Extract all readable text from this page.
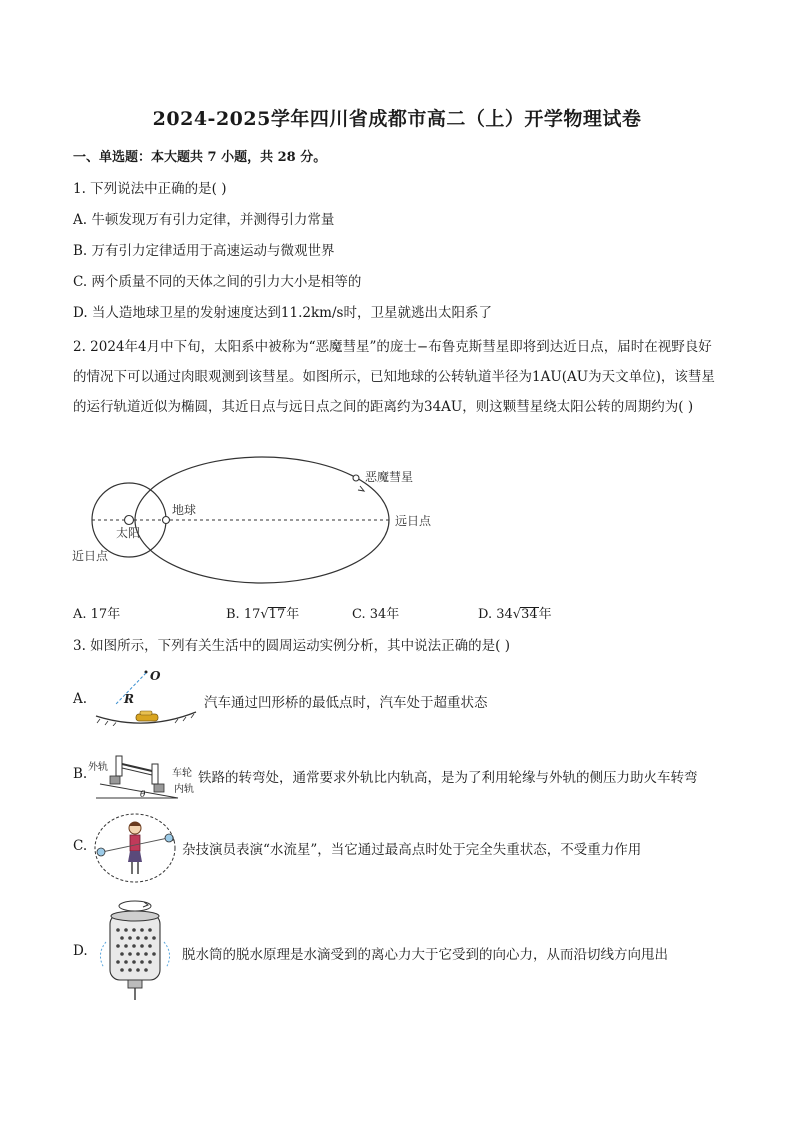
2024-2025学年四川省成都市高二（上）开学物理试卷
一、单选题：本大题共 7 小题，共 28 分。
1. 下列说法中正确的是( )
A. 牛顿发现万有引力定律，并测得引力常量
B. 万有引力定律适用于高速运动与微观世界
C. 两个质量不同的天体之间的引力大小是相等的
D. 当人造地球卫星的发射速度达到11.2km/s时，卫星就逃出太阳系了
2. 2024年4月中下旬，太阳系中被称为“恶魔彗星”的庞士−布鲁克斯彗星即将到达近日点，届时在视野良好的情况下可以通过肉眼观测到该彗星。如图所示，已知地球的公转轨道半径为1AU(AU为天文单位)，该彗星的运行轨道近似为椭圆，其近日点与远日点之间的距离约为34AU，则这颗彗星绕太阳公转的周期约为( )
恶魔彗星
地球
太阳
远日点
近日点
A. 17年	B. 17√17年	C. 34年	D. 34√34年
3. 如图所示，下列有关生活中的圆周运动实例分析，其中说法正确的是( )
A.
O
R	汽车通过凹形桥的最低点时，汽车处于超重状态
B. 外轨
车轮
内轨
θ
铁路的转弯处，通常要求外轨比内轨高，是为了利用轮缘与外轨的侧压力助火车转弯
C.	杂技演员表演“水流星”，当它通过最高点时处于完全失重状态，不受重力作用
D.	脱水筒的脱水原理是水滴受到的离心力大于它受到的向心力，从而沿切线方向甩出
